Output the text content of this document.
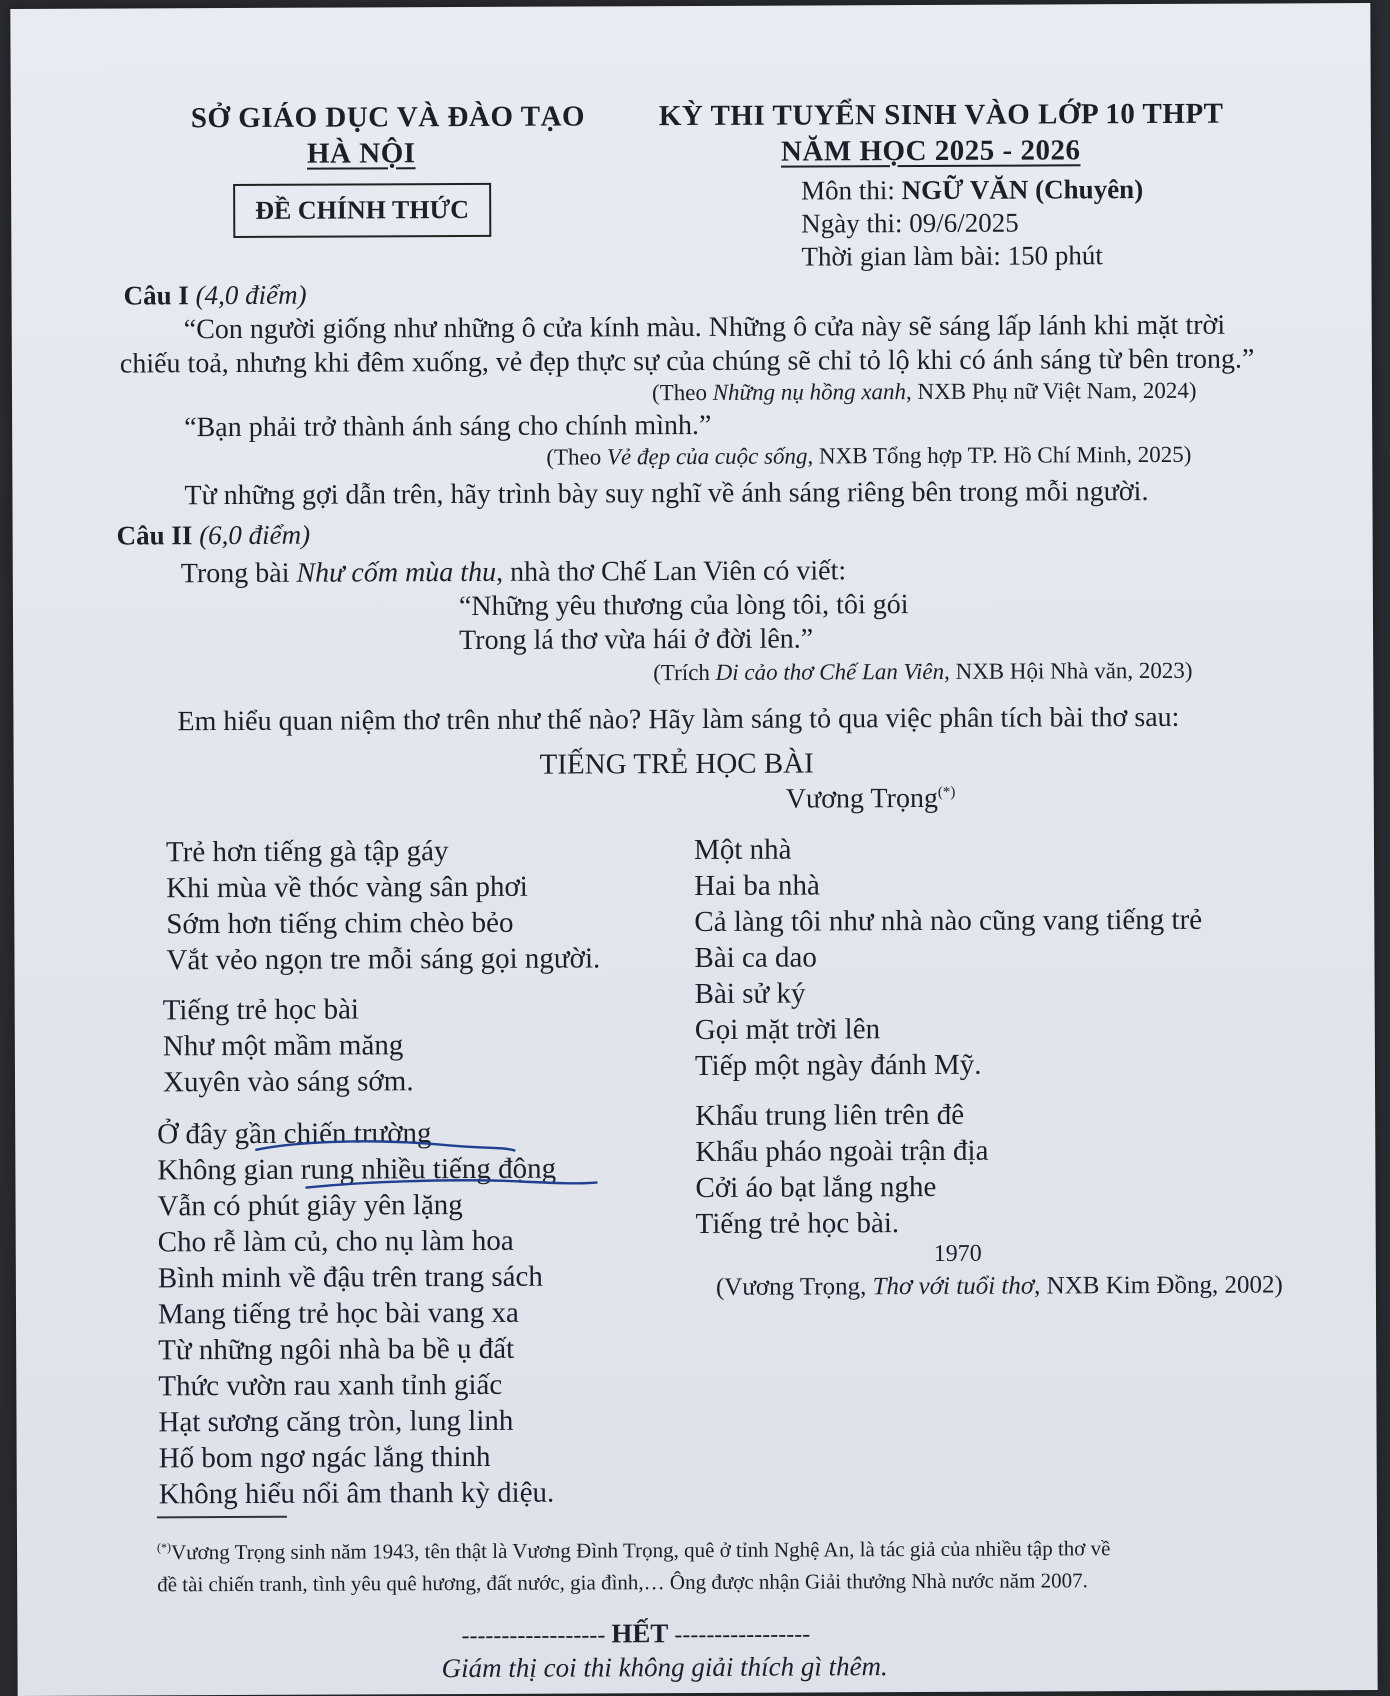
SỞ GIÁO DỤC VÀ ĐÀO TẠO
HÀ NỘI
ĐỀ CHÍNH THỨC
KỲ THI TUYỂN SINH VÀO LỚP 10 THPT
NĂM HỌC 2025 - 2026
Môn thi: NGỮ VĂN (Chuyên)
Ngày thi: 09/6/2025
Thời gian làm bài: 150 phút
Câu I (4,0 điểm)
“Con người giống như những ô cửa kính màu. Những ô cửa này sẽ sáng lấp lánh khi mặt trời
chiếu toả, nhưng khi đêm xuống, vẻ đẹp thực sự của chúng sẽ chỉ tỏ lộ khi có ánh sáng từ bên trong.”
(Theo Những nụ hồng xanh, NXB Phụ nữ Việt Nam, 2024)
“Bạn phải trở thành ánh sáng cho chính mình.”
(Theo Vẻ đẹp của cuộc sống, NXB Tổng hợp TP. Hồ Chí Minh, 2025)
Từ những gợi dẫn trên, hãy trình bày suy nghĩ về ánh sáng riêng bên trong mỗi người.
Câu II (6,0 điểm)
Trong bài Như cốm mùa thu, nhà thơ Chế Lan Viên có viết:
“Những yêu thương của lòng tôi, tôi gói
Trong lá thơ vừa hái ở đời lên.”
(Trích Di cảo thơ Chế Lan Viên, NXB Hội Nhà văn, 2023)
Em hiểu quan niệm thơ trên như thế nào? Hãy làm sáng tỏ qua việc phân tích bài thơ sau:
TIẾNG TRẺ HỌC BÀI
Vương Trọng(*)
Trẻ hơn tiếng gà tập gáy
Khi mùa về thóc vàng sân phơi
Sớm hơn tiếng chim chèo bẻo
Vắt vẻo ngọn tre mỗi sáng gọi người.
Tiếng trẻ học bài
Như một mầm măng
Xuyên vào sáng sớm.
Ở đây gần chiến trường
Không gian rung nhiều tiếng động
Vẫn có phút giây yên lặng
Cho rễ làm củ, cho nụ làm hoa
Bình minh về đậu trên trang sách
Mang tiếng trẻ học bài vang xa
Từ những ngôi nhà ba bề ụ đất
Thức vườn rau xanh tỉnh giấc
Hạt sương căng tròn, lung linh
Hố bom ngơ ngác lắng thinh
Không hiểu nổi âm thanh kỳ diệu.
Một nhà
Hai ba nhà
Cả làng tôi như nhà nào cũng vang tiếng trẻ
Bài ca dao
Bài sử ký
Gọi mặt trời lên
Tiếp một ngày đánh Mỹ.
Khẩu trung liên trên đê
Khẩu pháo ngoài trận địa
Cởi áo bạt lắng nghe
Tiếng trẻ học bài.
1970
(Vương Trọng, Thơ với tuổi thơ, NXB Kim Đồng, 2002)
(*)Vương Trọng sinh năm 1943, tên thật là Vương Đình Trọng, quê ở tỉnh Nghệ An, là tác giả của nhiều tập thơ về
đề tài chiến tranh, tình yêu quê hương, đất nước, gia đình,… Ông được nhận Giải thưởng Nhà nước năm 2007.
------------------ HẾT -----------------
Giám thị coi thi không giải thích gì thêm.
